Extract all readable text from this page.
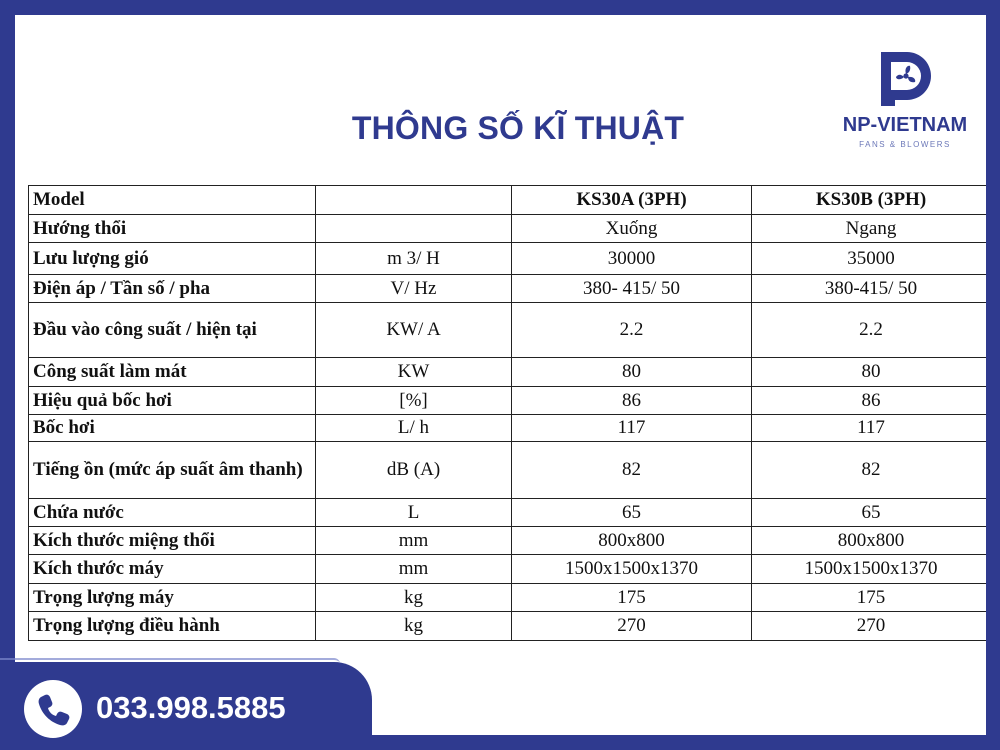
THÔNG SỐ KĨ THUẬT	NP-VIETNAM
FANS & BLOWERS
Model		KS30A (3PH)	KS30B (3PH)
Hướng thổi		Xuống	Ngang
Lưu lượng gió	m 3/ H	30000	35000
Điện áp / Tần số / pha	V/ Hz	380- 415/ 50	380-415/ 50
Đầu vào công suất / hiện tại	KW/ A	2.2	2.2
Công suất làm mát	KW	80	80
Hiệu quả bốc hơi	[%]	86	86
Bốc hơi	L/ h	117	117
Tiếng ồn (mức áp suất âm thanh)	dB (A)	82	82
Chứa nước	L	65	65
Kích thước miệng thổi	mm	800x800	800x800
Kích thước máy	mm	1500x1500x1370	1500x1500x1370
Trọng lượng máy	kg	175	175
Trọng lượng điều hành	kg	270	270
033.998.5885
